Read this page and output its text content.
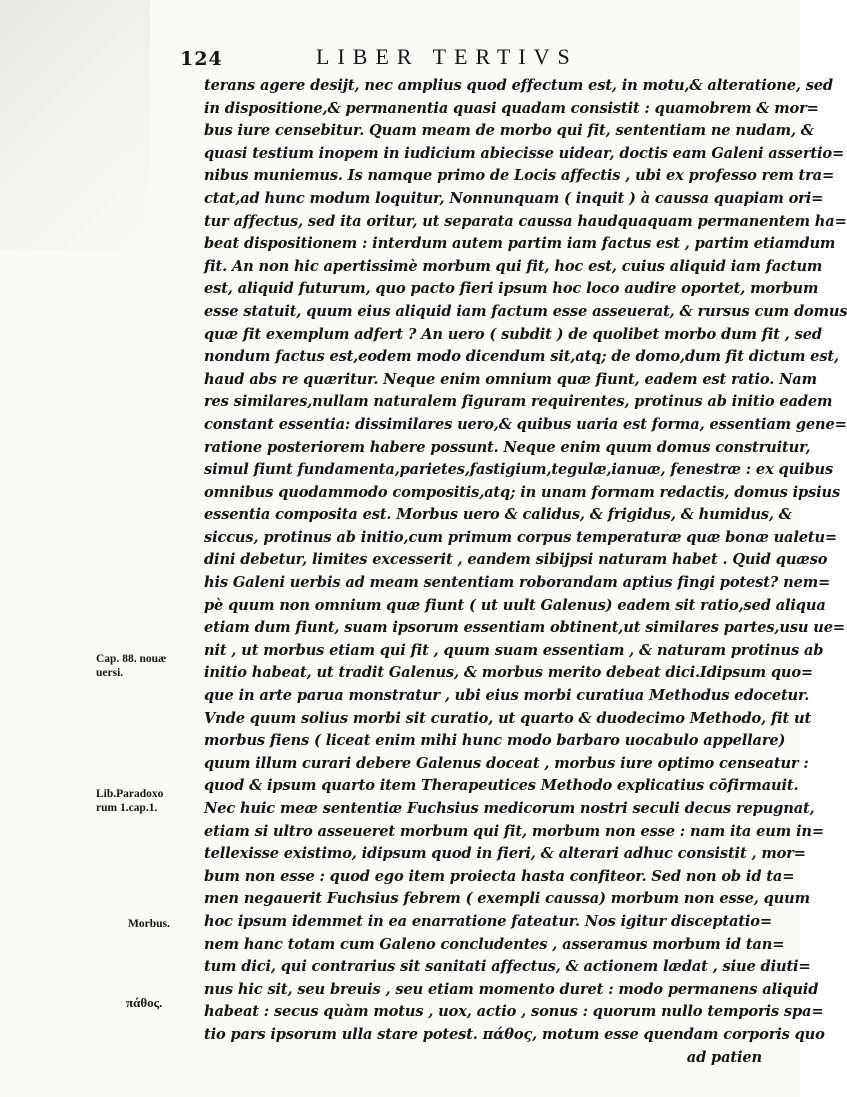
124	LIBER TERTIVS
terans agere desijt, nec amplius quod effectum est, in motu,& alteratione, sed
in dispositione,& permanentia quasi quadam consistit : quamobrem & mor=
bus iure censebitur. Quam meam de morbo qui fit, sententiam ne nudam, &
quasi testium inopem in iudicium abiecisse uidear, doctis eam Galeni assertio=
nibus muniemus. Is namque primo de Locis affectis , ubi ex professo rem tra=
ctat,ad hunc modum loquitur, Nonnunquam ( inquit ) à caussa quapiam ori=
tur affectus, sed ita oritur, ut separata caussa haudquaquam permanentem ha=
beat dispositionem : interdum autem partim iam factus est , partim etiamdum
fit. An non hic apertissimè morbum qui fit, hoc est, cuius aliquid iam factum
est, aliquid futurum, quo pacto fieri ipsum hoc loco audire oportet, morbum
esse statuit, quum eius aliquid iam factum esse asseuerat, & rursus cum domus
quæ fit exemplum adfert ? An uero ( subdit ) de quolibet morbo dum fit , sed
nondum factus est,eodem modo dicendum sit,atq; de domo,dum fit dictum est,
haud abs re quæritur. Neque enim omnium quæ fiunt, eadem est ratio. Nam
res similares,nullam naturalem figuram requirentes, protinus ab initio eadem
constant essentia: dissimilares uero,& quibus uaria est forma, essentiam gene=
ratione posteriorem habere possunt. Neque enim quum domus construitur,
simul fiunt fundamenta,parietes,fastigium,tegulæ,ianuæ, fenestræ : ex quibus
omnibus quodammodo compositis,atq; in unam formam redactis, domus ipsius
essentia composita est. Morbus uero & calidus, & frigidus, & humidus, &
siccus, protinus ab initio,cum primum corpus temperaturæ quæ bonæ ualetu=
dini debetur, limites excesserit , eandem sibijpsi naturam habet . Quid quæso
his Galeni uerbis ad meam sententiam roborandam aptius fingi potest? nem=
pè quum non omnium quæ fiunt ( ut uult Galenus) eadem sit ratio,sed aliqua
etiam dum fiunt, suam ipsorum essentiam obtinent,ut similares partes,usu ue=
nit , ut morbus etiam qui fit , quum suam essentiam , & naturam protinus ab
initio habeat, ut tradit Galenus, & morbus merito debeat dici.Idipsum quo=
que in arte parua monstratur , ubi eius morbi curatiua Methodus edocetur.
Vnde quum solius morbi sit curatio, ut quarto & duodecimo Methodo, fit ut
morbus fiens ( liceat enim mihi hunc modo barbaro uocabulo appellare)
quum illum curari debere Galenus doceat , morbus iure optimo censeatur :
quod & ipsum quarto item Therapeutices Methodo explicatius cōfirmauit.
Nec huic meæ sententiæ Fuchsius medicorum nostri seculi decus repugnat,
etiam si ultro asseueret morbum qui fit, morbum non esse : nam ita eum in=
tellexisse existimo, idipsum quod in fieri, & alterari adhuc consistit , mor=
bum non esse : quod ego item proiecta hasta confiteor. Sed non ob id ta=
men negauerit Fuchsius febrem ( exempli caussa) morbum non esse, quum
hoc ipsum idemmet in ea enarratione fateatur. Nos igitur disceptatio=
nem hanc totam cum Galeno concludentes , asseramus morbum id tan=
tum dici, qui contrarius sit sanitati affectus, & actionem lædat , siue diuti=
nus hic sit, seu breuis , seu etiam momento duret : modo permanens aliquid
habeat : secus quàm motus , uox, actio , sonus : quorum nullo temporis spa=
tio pars ipsorum ulla stare potest. πάθος, motum esse quendam corporis quo
ad patien
Cap. 88. nouæ
uersi.
Lib.Paradoxo
rum 1.cap.1.
Morbus.
πάθος.
